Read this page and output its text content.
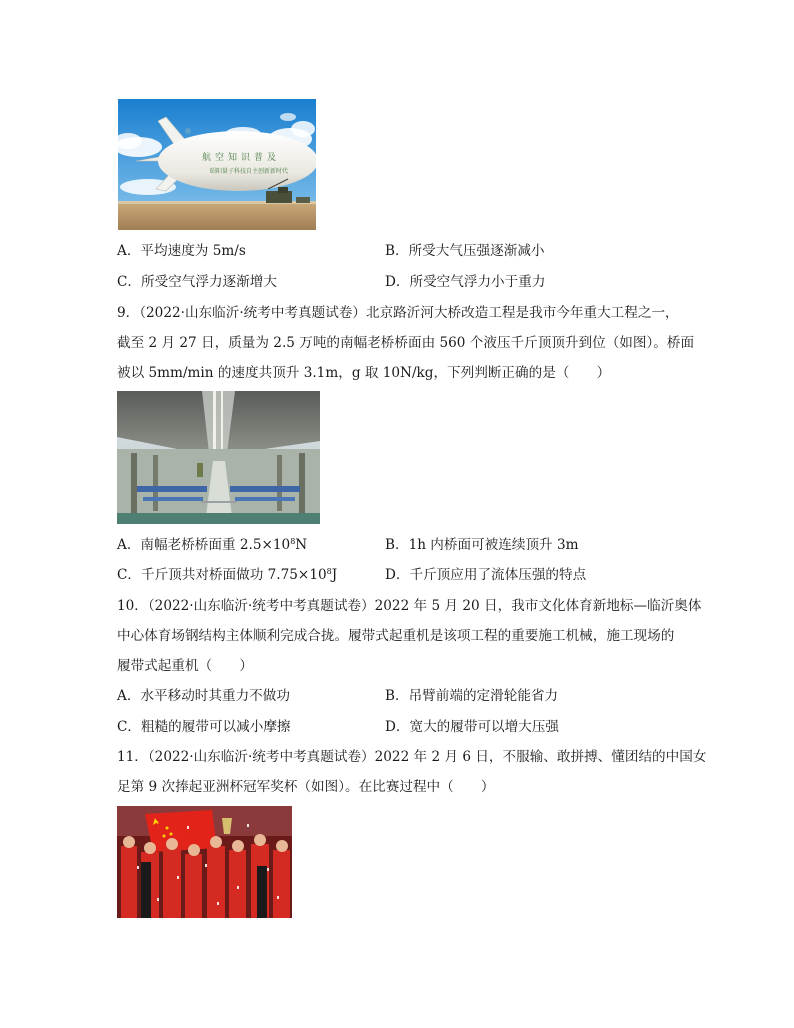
航空知识普及
昭阳量子科技自主创新新时代
A．平均速度为 5m/s	B．所受大气压强逐渐减小
C．所受空气浮力逐渐增大	D．所受空气浮力小于重力
9．（2022·山东临沂·统考中考真题试卷）北京路沂河大桥改造工程是我市今年重大工程之一，
截至 2 月 27 日，质量为 2.5 万吨的南幅老桥桥面由 560 个液压千斤顶顶升到位（如图）。桥面
被以 5mm/min 的速度共顶升 3.1m，g 取 10N/kg，下列判断正确的是（　　）
A．南幅老桥桥面重 $2.5\times 10^8N$	B．1h 内桥面可被连续顶升 3m
C．千斤顶共对桥面做功 $7.75\times 10^8J$	D．千斤顶应用了流体压强的特点
10．（2022·山东临沂·统考中考真题试卷）2022 年 5 月 20 日，我市文化体育新地标—临沂奥体
中心体育场钢结构主体顺利完成合拢。履带式起重机是该项工程的重要施工机械，施工现场的
履带式起重机（　　）
A．水平移动时其重力不做功	B．吊臂前端的定滑轮能省力
C．粗糙的履带可以减小摩擦	D．宽大的履带可以增大压强
11．（2022·山东临沂·统考中考真题试卷）2022 年 2 月 6 日，不服输、敢拼搏、懂团结的中国女
足第 9 次捧起亚洲杯冠军奖杯（如图）。在比赛过程中（　　）
